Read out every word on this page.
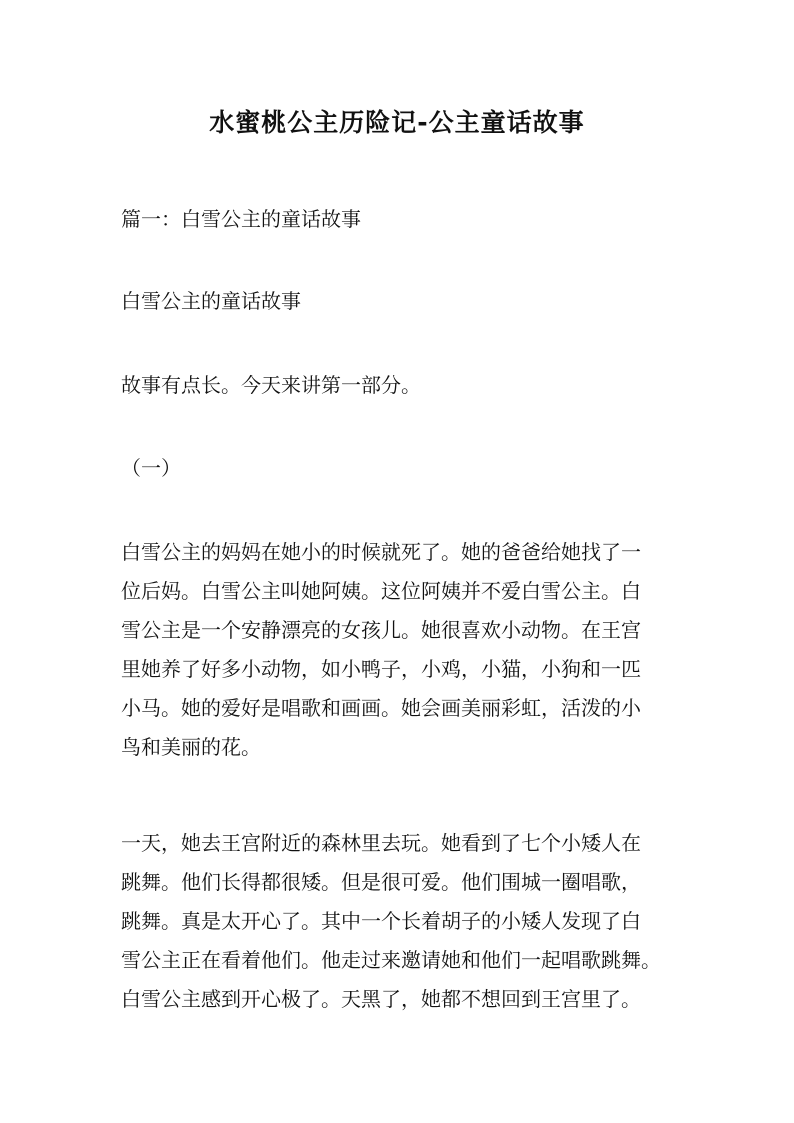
水蜜桃公主历险记-公主童话故事
篇一：白雪公主的童话故事
白雪公主的童话故事
故事有点长。今天来讲第一部分。
（一）
白雪公主的妈妈在她小的时候就死了。她的爸爸给她找了一
位后妈。白雪公主叫她阿姨。这位阿姨并不爱白雪公主。白
雪公主是一个安静漂亮的女孩儿。她很喜欢小动物。在王宫
里她养了好多小动物，如小鸭子，小鸡，小猫，小狗和一匹
小马。她的爱好是唱歌和画画。她会画美丽彩虹，活泼的小
鸟和美丽的花。
一天，她去王宫附近的森林里去玩。她看到了七个小矮人在
跳舞。他们长得都很矮。但是很可爱。他们围城一圈唱歌，
跳舞。真是太开心了。其中一个长着胡子的小矮人发现了白
雪公主正在看着他们。他走过来邀请她和他们一起唱歌跳舞。
白雪公主感到开心极了。天黑了，她都不想回到王宫里了。
